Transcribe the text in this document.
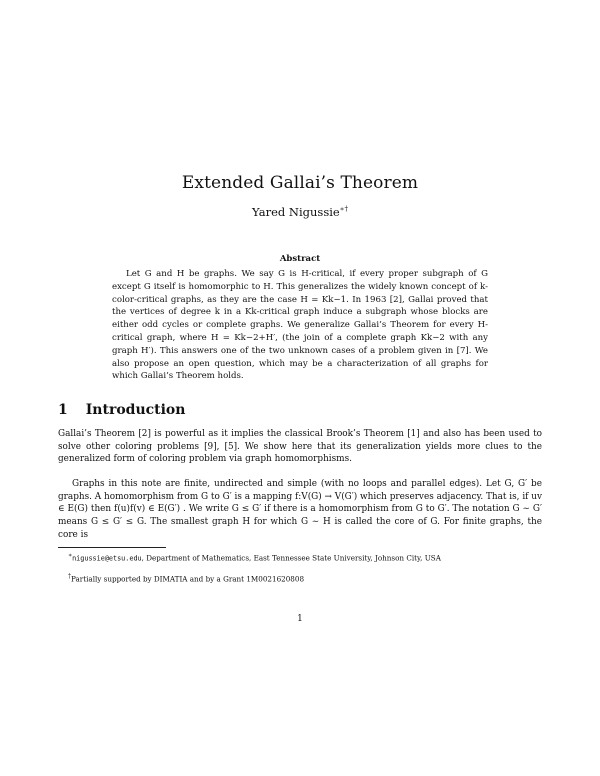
Extended Gallai’s Theorem
Yared Nigussie∗†
Abstract

Let G and H be graphs. We say G is H-critical, if every proper subgraph of G except G itself is homomorphic to H. This generalizes the widely known concept of k-color-critical graphs, as they are the case H = Kk−1. In 1963 [2], Gallai proved that the vertices of degree k in a Kk-critical graph induce a subgraph whose blocks are either odd cycles or complete graphs. We generalize Gallai’s Theorem for every H-critical graph, where H = Kk−2+H′, (the join of a complete graph Kk−2 with any graph H′). This answers one of the two unknown cases of a problem given in [7]. We also propose an open question, which may be a characterization of all graphs for which Gallai’s Theorem holds.

1 Introduction

Gallai’s Theorem [2] is powerful as it implies the classical Brook’s Theorem [1] and also has been used to solve other coloring problems [9], [5]. We show here that its generalization yields more clues to the generalized form of coloring problem via graph homomorphisms.

Graphs in this note are finite, undirected and simple (with no loops and parallel edges). Let G, G′ be graphs. A homomorphism from G to G′ is a mapping f:V(G) → V(G′) which preserves adjacency. That is, if uv ∈ E(G) then f(u)f(v) ∈ E(G′) . We write G ≤ G′ if there is a homomorphism from G to G′. The notation G ∼ G′ means G ≤ G′ ≤ G. The smallest graph H for which G ∼ H is called the core of G. For finite graphs, the core is

∗nigussie@etsu.edu, Department of Mathematics, East Tennessee State University, Johnson City, USA

†Partially supported by DIMATIA and by a Grant 1M0021620808

1
